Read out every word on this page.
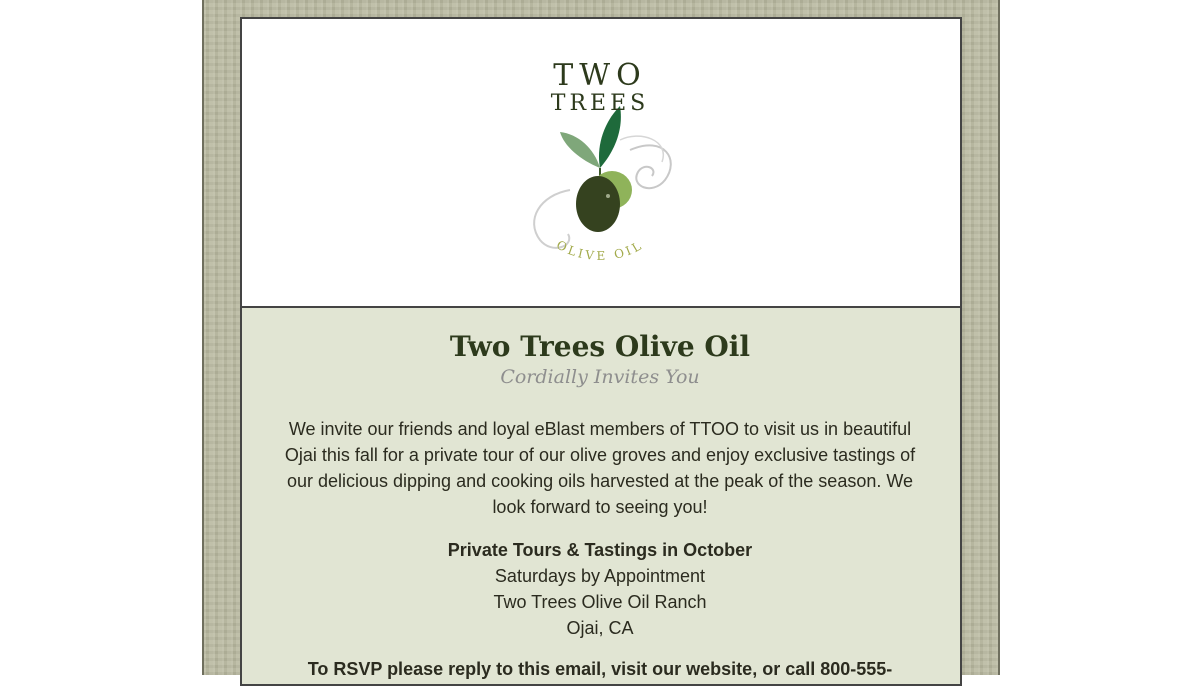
TWO
TREES
OLIVE OIL
Two Trees Olive Oil
Cordially Invites You

We invite our friends and loyal eBlast members of TTOO to visit us in beautiful Ojai this fall for a private tour of our olive groves and enjoy exclusive tastings of our delicious dipping and cooking oils harvested at the peak of the season. We look forward to seeing you!

Private Tours & Tastings in October
Saturdays by Appointment
Two Trees Olive Oil Ranch
Ojai, CA
To RSVP please reply to this email, visit our website, or call 800-555-
